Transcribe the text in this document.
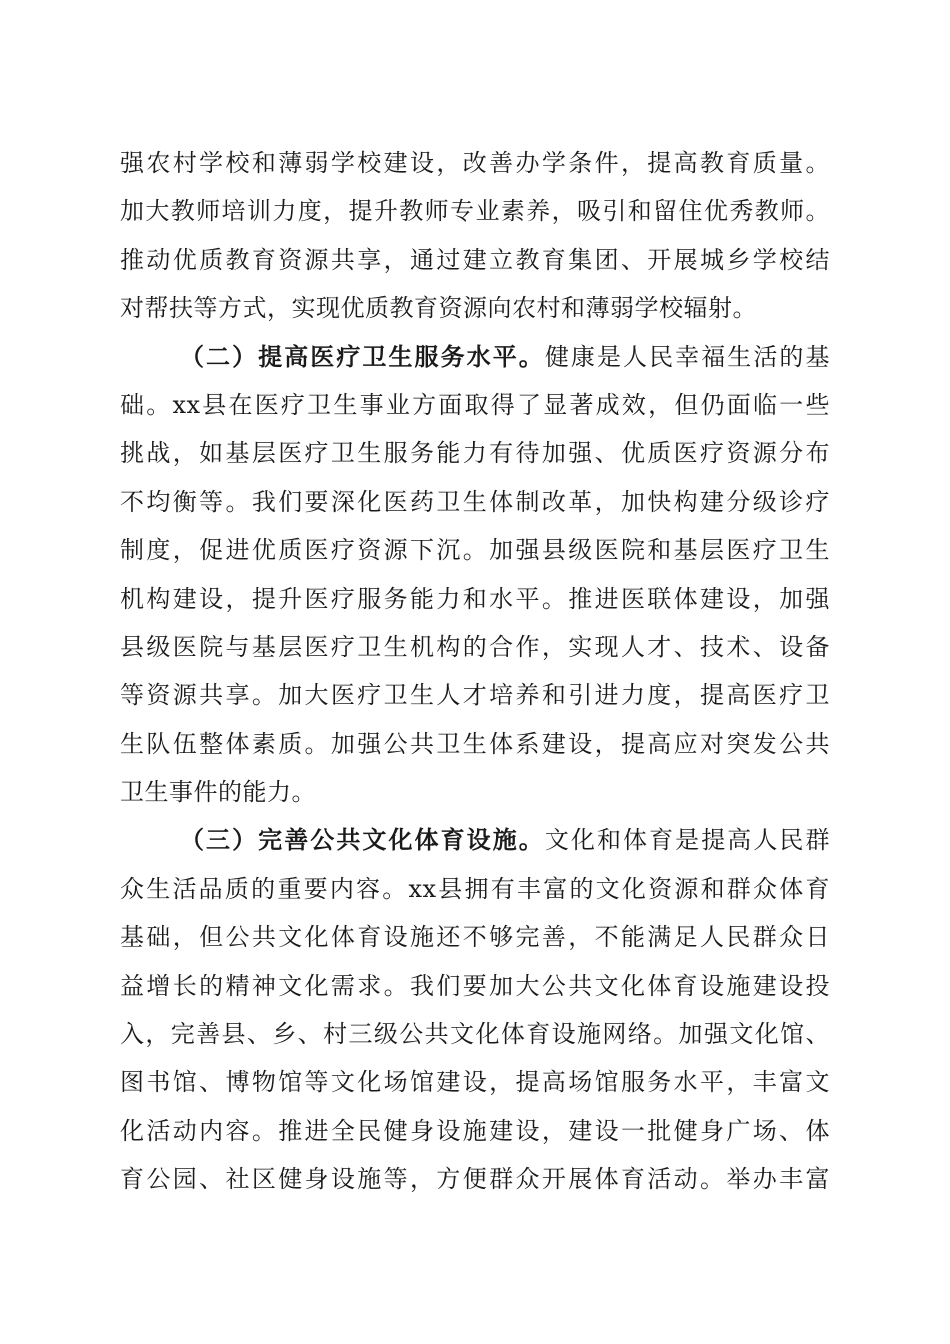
强农村学校和薄弱学校建设，改善办学条件，提高教育质量。
加大教师培训力度，提升教师专业素养，吸引和留住优秀教师。
推动优质教育资源共享，通过建立教育集团、开展城乡学校结
对帮扶等方式，实现优质教育资源向农村和薄弱学校辐射。
（二）提高医疗卫生服务水平。健康是人民幸福生活的基
础。xx县在医疗卫生事业方面取得了显著成效，但仍面临一些
挑战，如基层医疗卫生服务能力有待加强、优质医疗资源分布
不均衡等。我们要深化医药卫生体制改革，加快构建分级诊疗
制度，促进优质医疗资源下沉。加强县级医院和基层医疗卫生
机构建设，提升医疗服务能力和水平。推进医联体建设，加强
县级医院与基层医疗卫生机构的合作，实现人才、技术、设备
等资源共享。加大医疗卫生人才培养和引进力度，提高医疗卫
生队伍整体素质。加强公共卫生体系建设，提高应对突发公共
卫生事件的能力。
（三）完善公共文化体育设施。文化和体育是提高人民群
众生活品质的重要内容。xx县拥有丰富的文化资源和群众体育
基础，但公共文化体育设施还不够完善，不能满足人民群众日
益增长的精神文化需求。我们要加大公共文化体育设施建设投
入，完善县、乡、村三级公共文化体育设施网络。加强文化馆、
图书馆、博物馆等文化场馆建设，提高场馆服务水平，丰富文
化活动内容。推进全民健身设施建设，建设一批健身广场、体
育公园、社区健身设施等，方便群众开展体育活动。举办丰富
